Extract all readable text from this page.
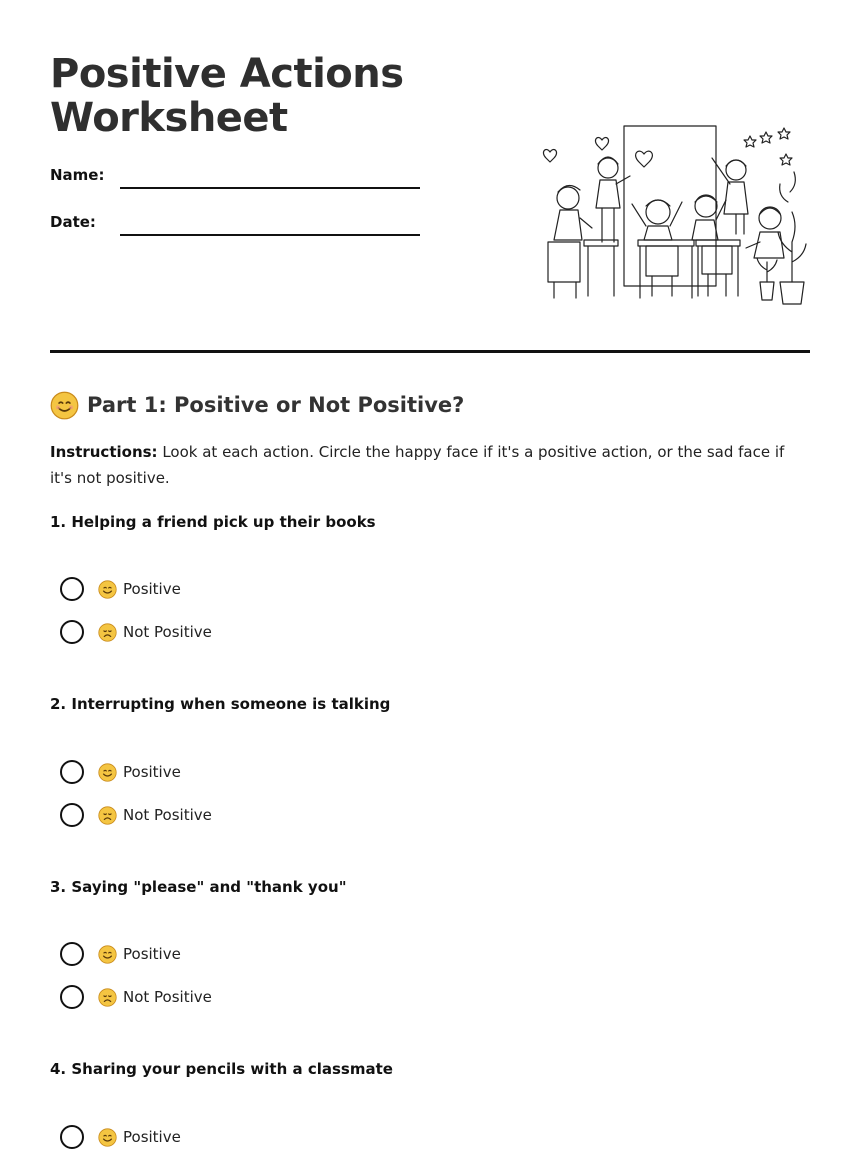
Positive Actions Worksheet
Name:
Date:
Part 1: Positive or Not Positive?

Instructions: Look at each action. Circle the happy face if it's a positive action, or the sad face if it's not positive.

1. Helping a friend pick up their books
Positive
Not Positive
2. Interrupting when someone is talking
Positive
Not Positive
3. Saying "please" and "thank you"
Positive
Not Positive
4. Sharing your pencils with a classmate
Positive
